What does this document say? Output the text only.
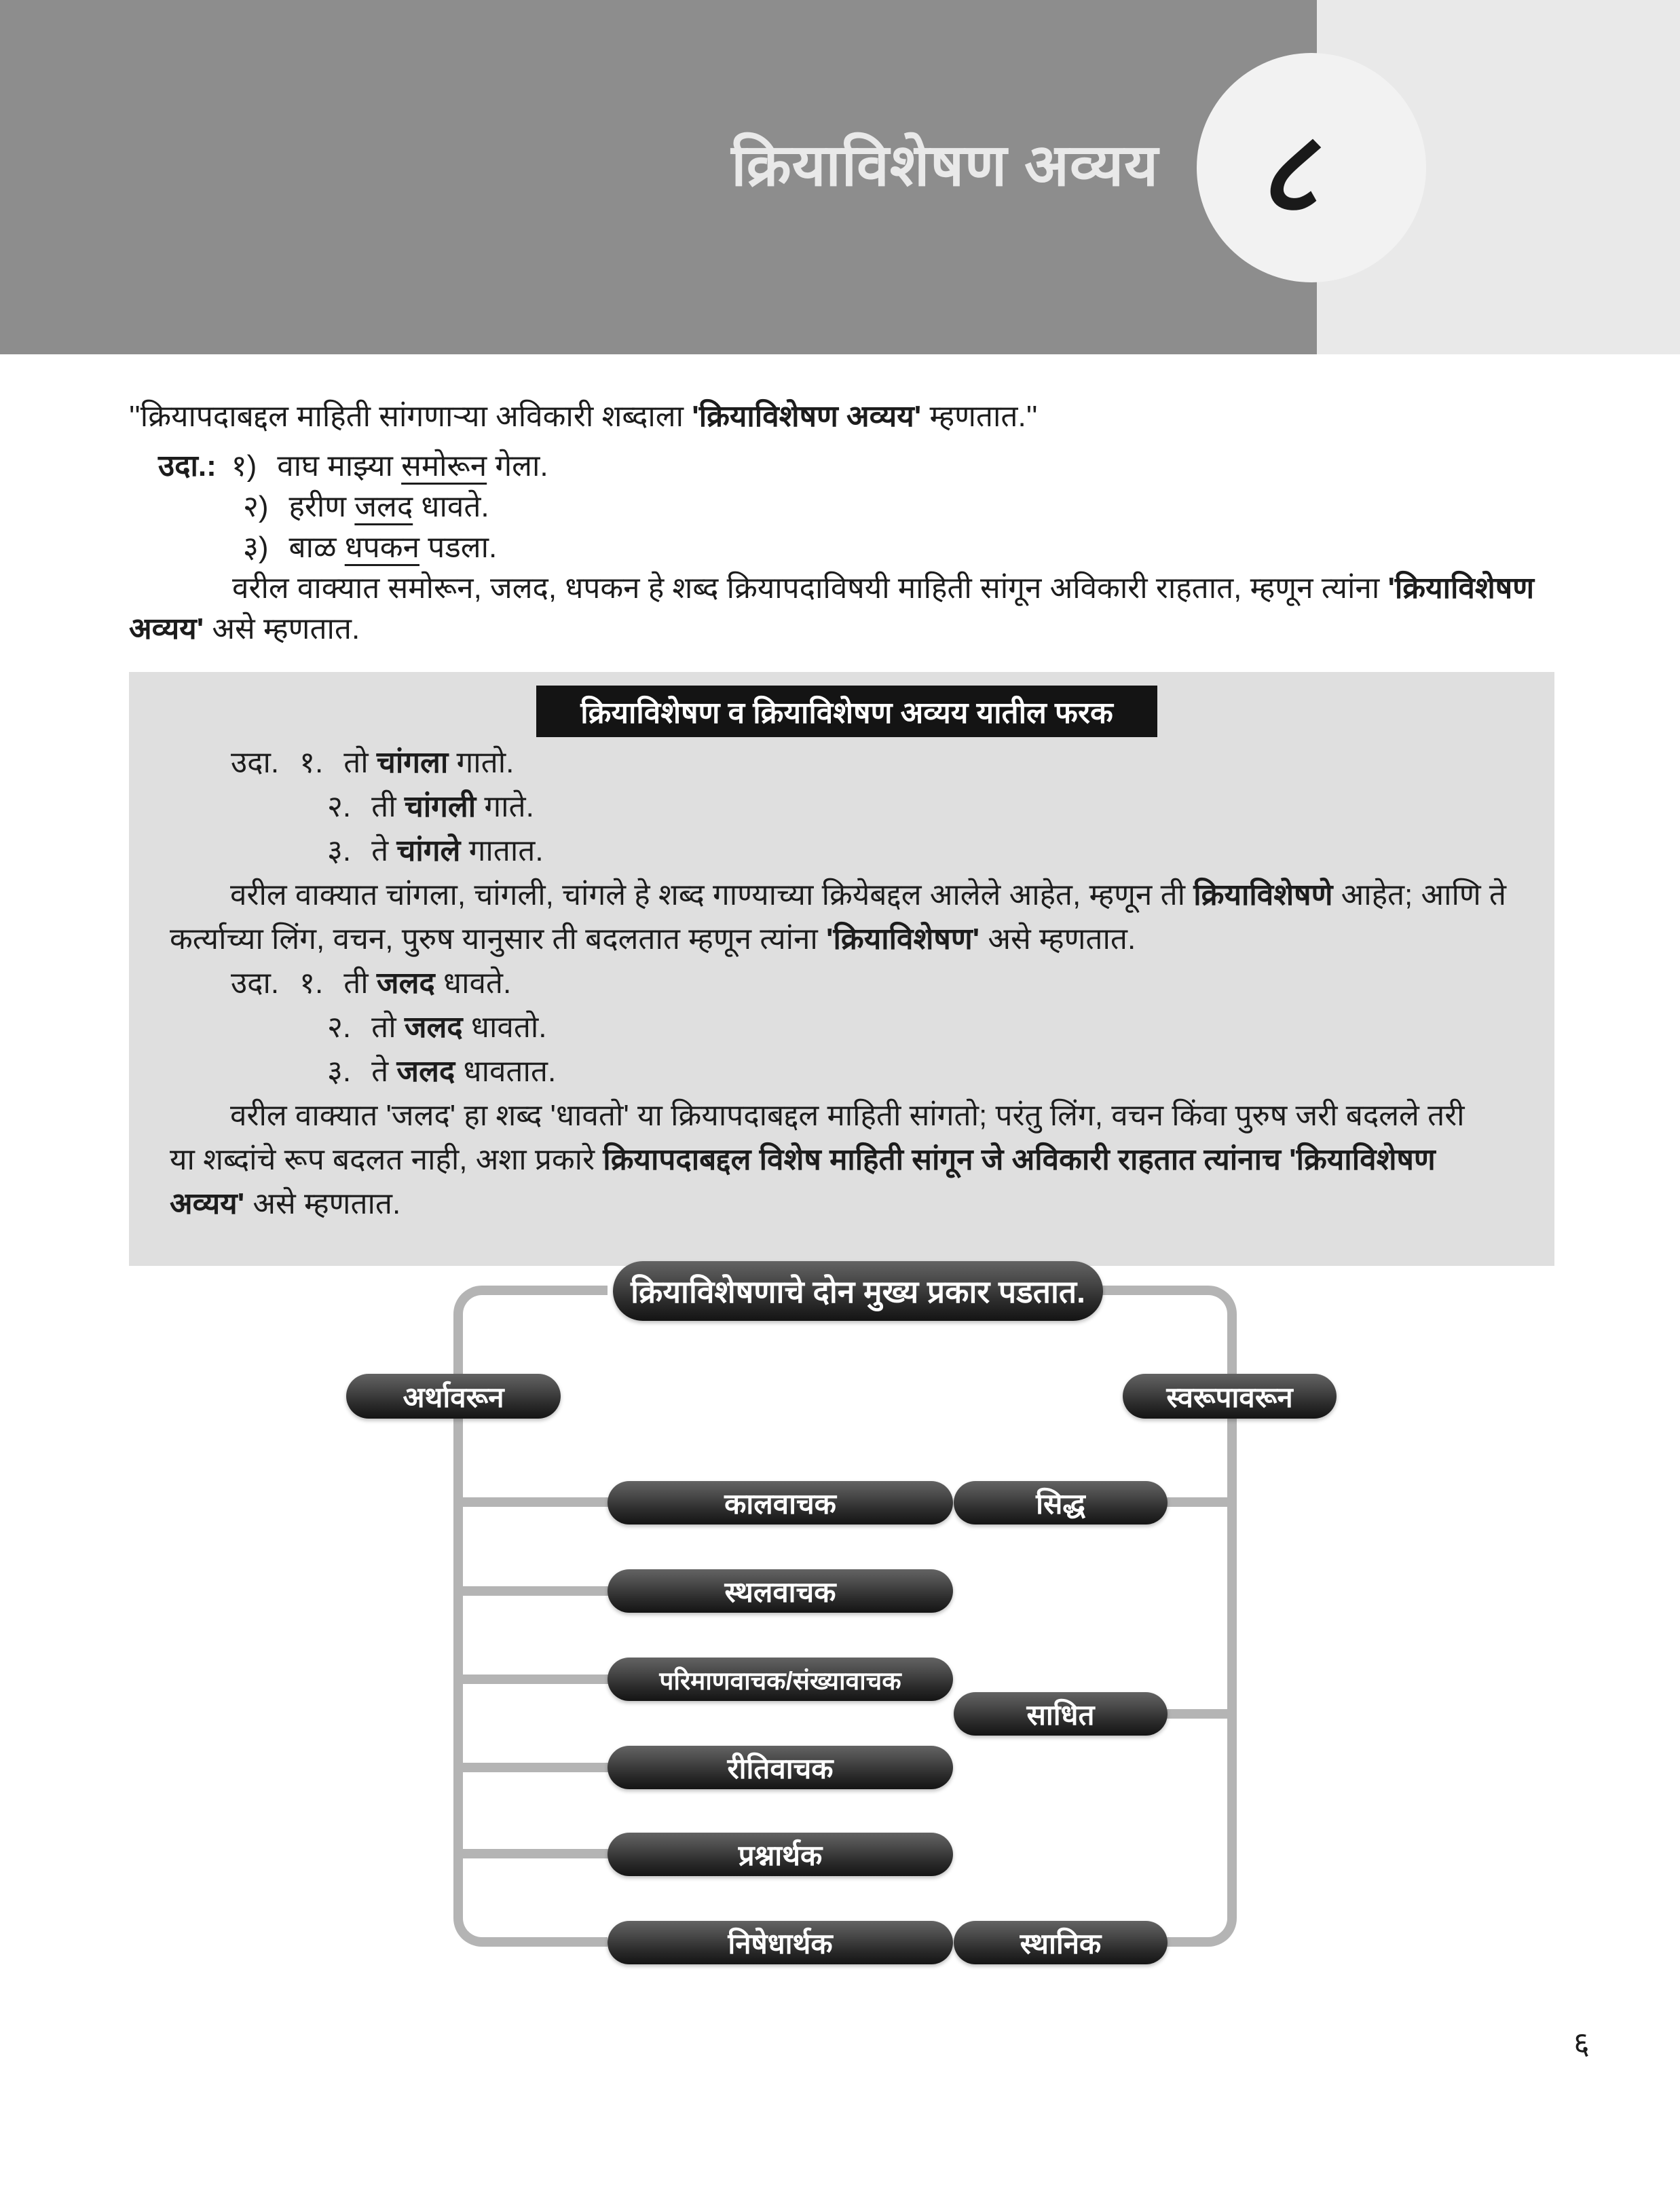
८
क्रियाविशेषण अव्यय
''क्रियापदाबद्दल माहिती सांगणाऱ्या अविकारी शब्दाला 'क्रियाविशेषण अव्यय' म्हणतात.''
उदा.: १) वाघ माझ्या समोरून गेला.
२) हरीण जलद धावते.
३) बाळ धपकन पडला.
वरील वाक्यात समोरून, जलद, धपकन हे शब्द क्रियापदाविषयी माहिती सांगून अविकारी राहतात, म्हणून त्यांना 'क्रियाविशेषण
अव्यय' असे म्हणतात.
क्रियाविशेषण व क्रियाविशेषण अव्यय यातील फरक
उदा. १. तो चांगला गातो.
२. ती चांगली गाते.
३. ते चांगले गातात.
वरील वाक्यात चांगला, चांगली, चांगले हे शब्द गाण्याच्या क्रियेबद्दल आलेले आहेत, म्हणून ती क्रियाविशेषणे आहेत; आणि ते
कर्त्याच्या लिंग, वचन, पुरुष यानुसार ती बदलतात म्हणून त्यांना 'क्रियाविशेषण' असे म्हणतात.
उदा. १. ती जलद धावते.
२. तो जलद धावतो.
३. ते जलद धावतात.
वरील वाक्यात 'जलद' हा शब्द 'धावतो' या क्रियापदाबद्दल माहिती सांगतो; परंतु लिंग, वचन किंवा पुरुष जरी बदलले तरी
या शब्दांचे रूप बदलत नाही, अशा प्रकारे क्रियापदाबद्दल विशेष माहिती सांगून जे अविकारी राहतात त्यांनाच 'क्रियाविशेषण
अव्यय' असे म्हणतात.
क्रियाविशेषणाचे दोन मुख्य प्रकार पडतात.
अर्थावरून	स्वरूपावरून
कालवाचक
स्थलवाचक
परिमाणवाचक/संख्यावाचक
रीतिवाचक
प्रश्नार्थक
निषेधार्थक
सिद्ध
साधित
स्थानिक
६
